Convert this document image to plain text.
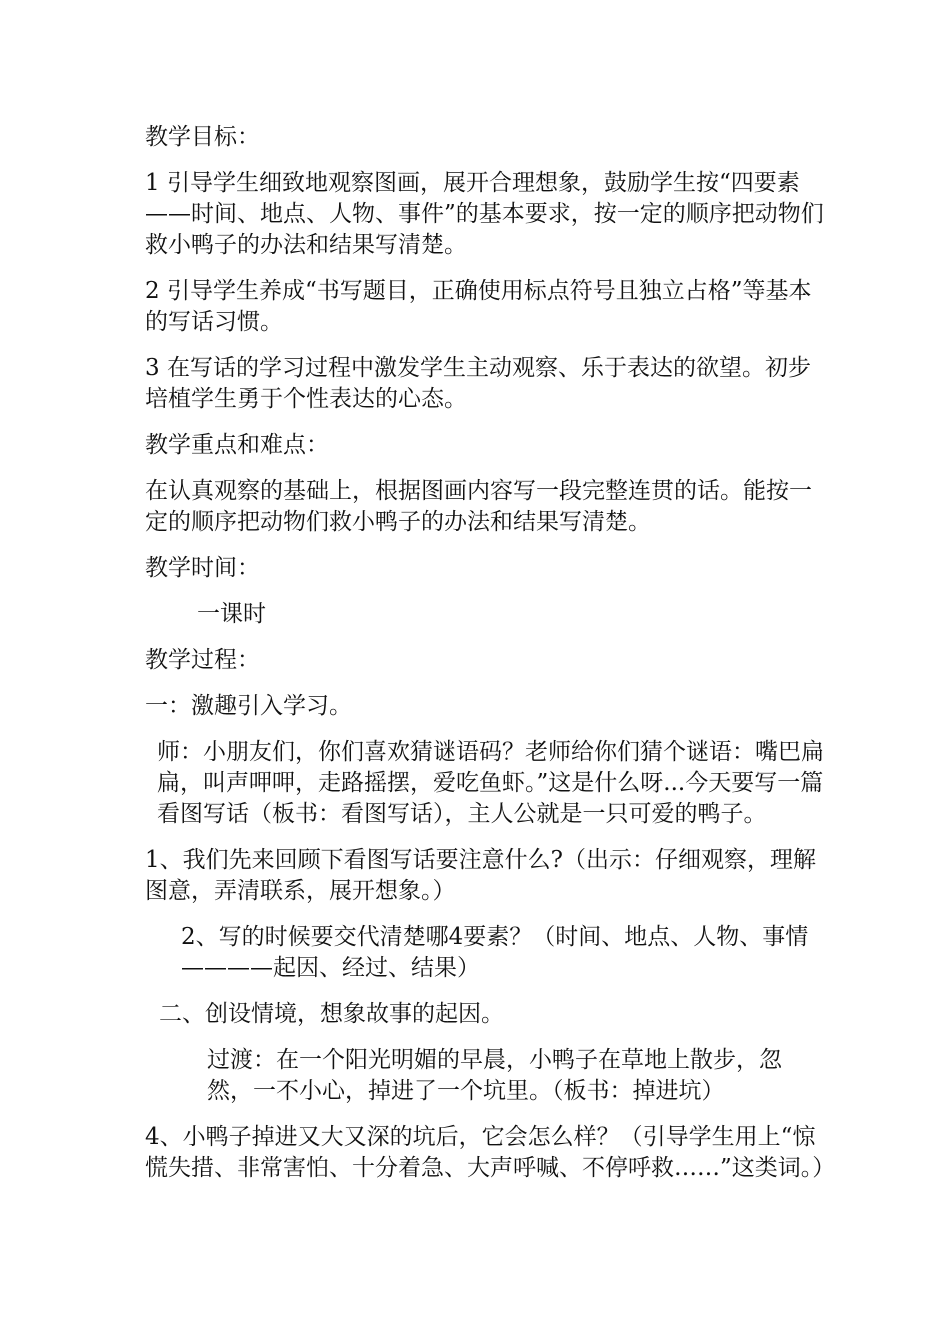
教学目标：

1 引导学生细致地观察图画，展开合理想象，鼓励学生按“四要素——时间、地点、人物、事件”的基本要求，按一定的顺序把动物们救小鸭子的办法和结果写清楚。

2 引导学生养成“书写题目，正确使用标点符号且独立占格”等基本的写话习惯。

3 在写话的学习过程中激发学生主动观察、乐于表达的欲望。初步培植学生勇于个性表达的心态。

教学重点和难点：

在认真观察的基础上，根据图画内容写一段完整连贯的话。能按一定的顺序把动物们救小鸭子的办法和结果写清楚。

教学时间：

一课时

教学过程：

一：激趣引入学习。

师：小朋友们，你们喜欢猜谜语码？老师给你们猜个谜语：嘴巴扁扁，叫声呷呷，走路摇摆，爱吃鱼虾。”这是什么呀...今天要写一篇看图写话（板书：看图写话），主人公就是一只可爱的鸭子。

1、我们先来回顾下看图写话要注意什么?（出示：仔细观察，理解图意，弄清联系，展开想象。）

2、写的时候要交代清楚哪4要素？（时间、地点、人物、事情————起因、经过、结果）

二、创设情境，想象故事的起因。

过渡：在一个阳光明媚的早晨，小鸭子在草地上散步，忽然，一不小心，掉进了一个坑里。（板书：掉进坑）

4、小鸭子掉进又大又深的坑后，它会怎么样？（引导学生用上“惊慌失措、非常害怕、十分着急、大声呼喊、不停呼救……”这类词。）
